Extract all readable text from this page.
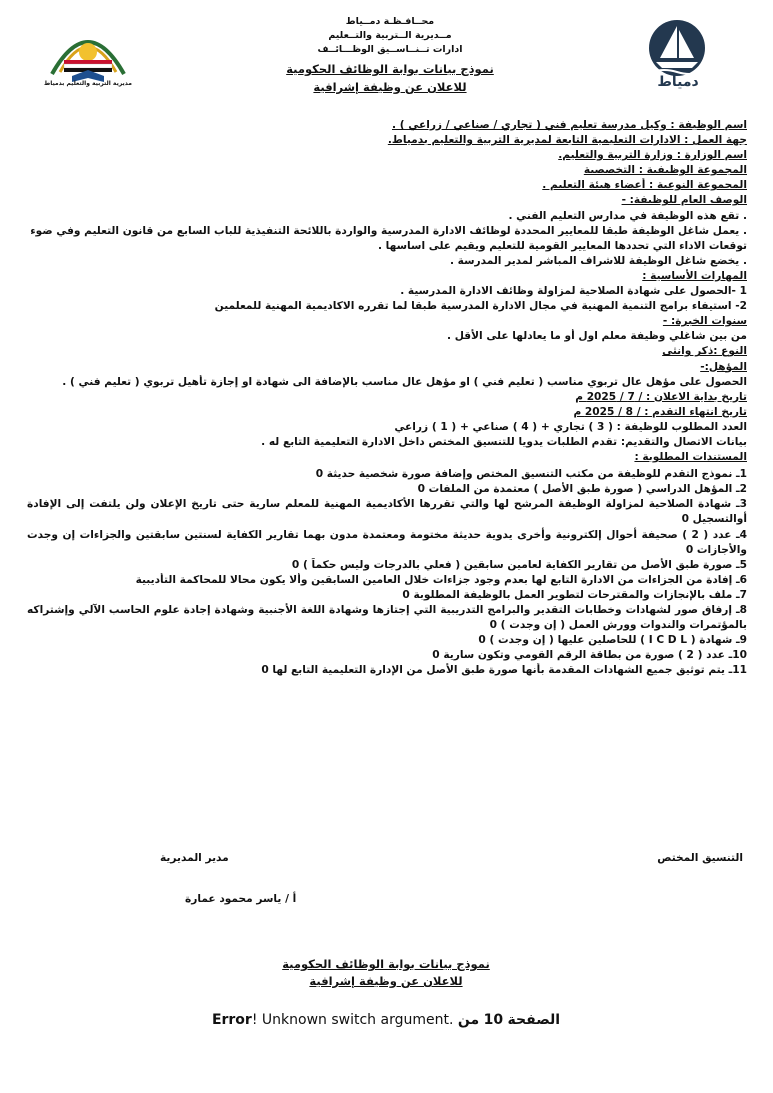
مديرية التربية والتعليم بدمياط	دمياط
محــافـظـة دمــياط
مــديرية الــتربية والتــعليم
ادارات تــنــاســيق الوظـــائــف
نموذج بيانات بوابة الوظائف الحكومية
للاعلان عن وظيفة إشرافية
اسم الوظيفة : وكيل مدرسة تعليم فني ( تجاري / صناعي / زراعي ) .
جهة العمل : الادارات التعليمية التابعة لمديرية التربية والتعليم بدمياط.
اسم الوزارة : وزارة التربية والتعليم.
المجموعة الوظيفية : التخصصية
المجموعة النوعية : أعضاء هيئة التعليم .
الوصف العام للوظيفة: -
. تقع هذه الوظيفة في مدارس التعليم الفني .
. يعمل شاغل الوظيفة طبقا للمعايير المحددة لوظائف الادارة المدرسية والواردة باللائحة التنفيذية للباب السابع من قانون التعليم وفي ضوء
توقعات الاداء التي تحددها المعايير القومية للتعليم ويقيم على اساسها .
. يخضع شاغل الوظيفة للاشراف المباشر لمدير المدرسة .
المهارات الأساسية :
1 -الحصول على شهادة الصلاحية لمزاولة وظائف الادارة المدرسية .
2- استيفاء برامج التنمية المهنية في مجال الادارة المدرسية طبقا لما تقرره الاكاديمية المهنية للمعلمين
سنوات الخبرة: -
من بين شاغلي وظيفة معلم اول أو ما يعادلها على الأقل .
النوع :ذكر وانثى
المؤهل:-
الحصول على مؤهل عال تربوي مناسب ( تعليم فني ) او مؤهل عال مناسب بالإضافة الى شهادة او إجازة تأهيل تربوي ( تعليم فني ) .
تاريخ بداية الاعلان : / 7 / 2025 م
تاريخ انتهاء التقدم : / 8 / 2025 م
العدد المطلوب للوظيفة : ( 3 ) تجاري + ( 4 ) صناعي + ( 1 ) زراعي
بيانات الاتصال والتقديم: تقدم الطلبات يدويا للتنسيق المختص داخل الادارة التعليمية التابع له .
المستندات المطلوبة :
1ـ نموذج التقدم للوظيفة من مكتب التنسيق المختص وإضافة صورة شخصية حديثة 0
2ـ المؤهل الدراسي ( صورة طبق الأصل ) معتمدة من الملفات 0
3ـ شهادة الصلاحية لمزاولة الوظيفة المرشح لها والتي تقررها الأكاديمية المهنية للمعلم سارية حتى تاريخ الإعلان ولن يلتفت إلى الإفادة أوالتسجيل 0
4ـ عدد ( 2 ) صحيفة أحوال إلكترونية وأخرى يدوية حديثة مختومة ومعتمدة مدون بهما تقارير الكفاية لسنتين سابقتين والجزاءات إن وجدت والأجازات 0
5ـ صورة طبق الأصل من تقارير الكفاية لعامين سابقين ( فعلي بالدرجات وليس حكماً ) 0
6ـ إفادة من الجزاءات من الادارة التابع لها بعدم وجود جزاءات خلال العامين السابقين وألا يكون محالا للمحاكمة التأديبية
7ـ ملف بالإنجازات والمقترحات لتطوير العمل بالوظيفة المطلوبة 0
8ـ إرفاق صور لشهادات وخطابات التقدير والبرامج التدريبية التي إجتازها وشهادة اللغة الأجنبية وشهادة إجادة علوم الحاسب الآلي وإشتراكه بالمؤتمرات والندوات وورش العمل ( إن وجدت ) 0
9ـ شهادة ( I C D L ) للحاصلين عليها ( إن وجدت ) 0
10ـ عدد ( 2 ) صورة من بطاقة الرقم القومي وتكون سارية 0
11ـ يتم توثيق جميع الشهادات المقدمة بأنها صورة طبق الأصل من الإدارة التعليمية التابع لها 0
التنسيق المختص
مدير المديرية
أ / ياسر محمود عمارة
نموذج بيانات بوابة الوظائف الحكومية
للاعلان عن وظيفة إشرافية
الصفحة 10 من Error! Unknown switch argument.
